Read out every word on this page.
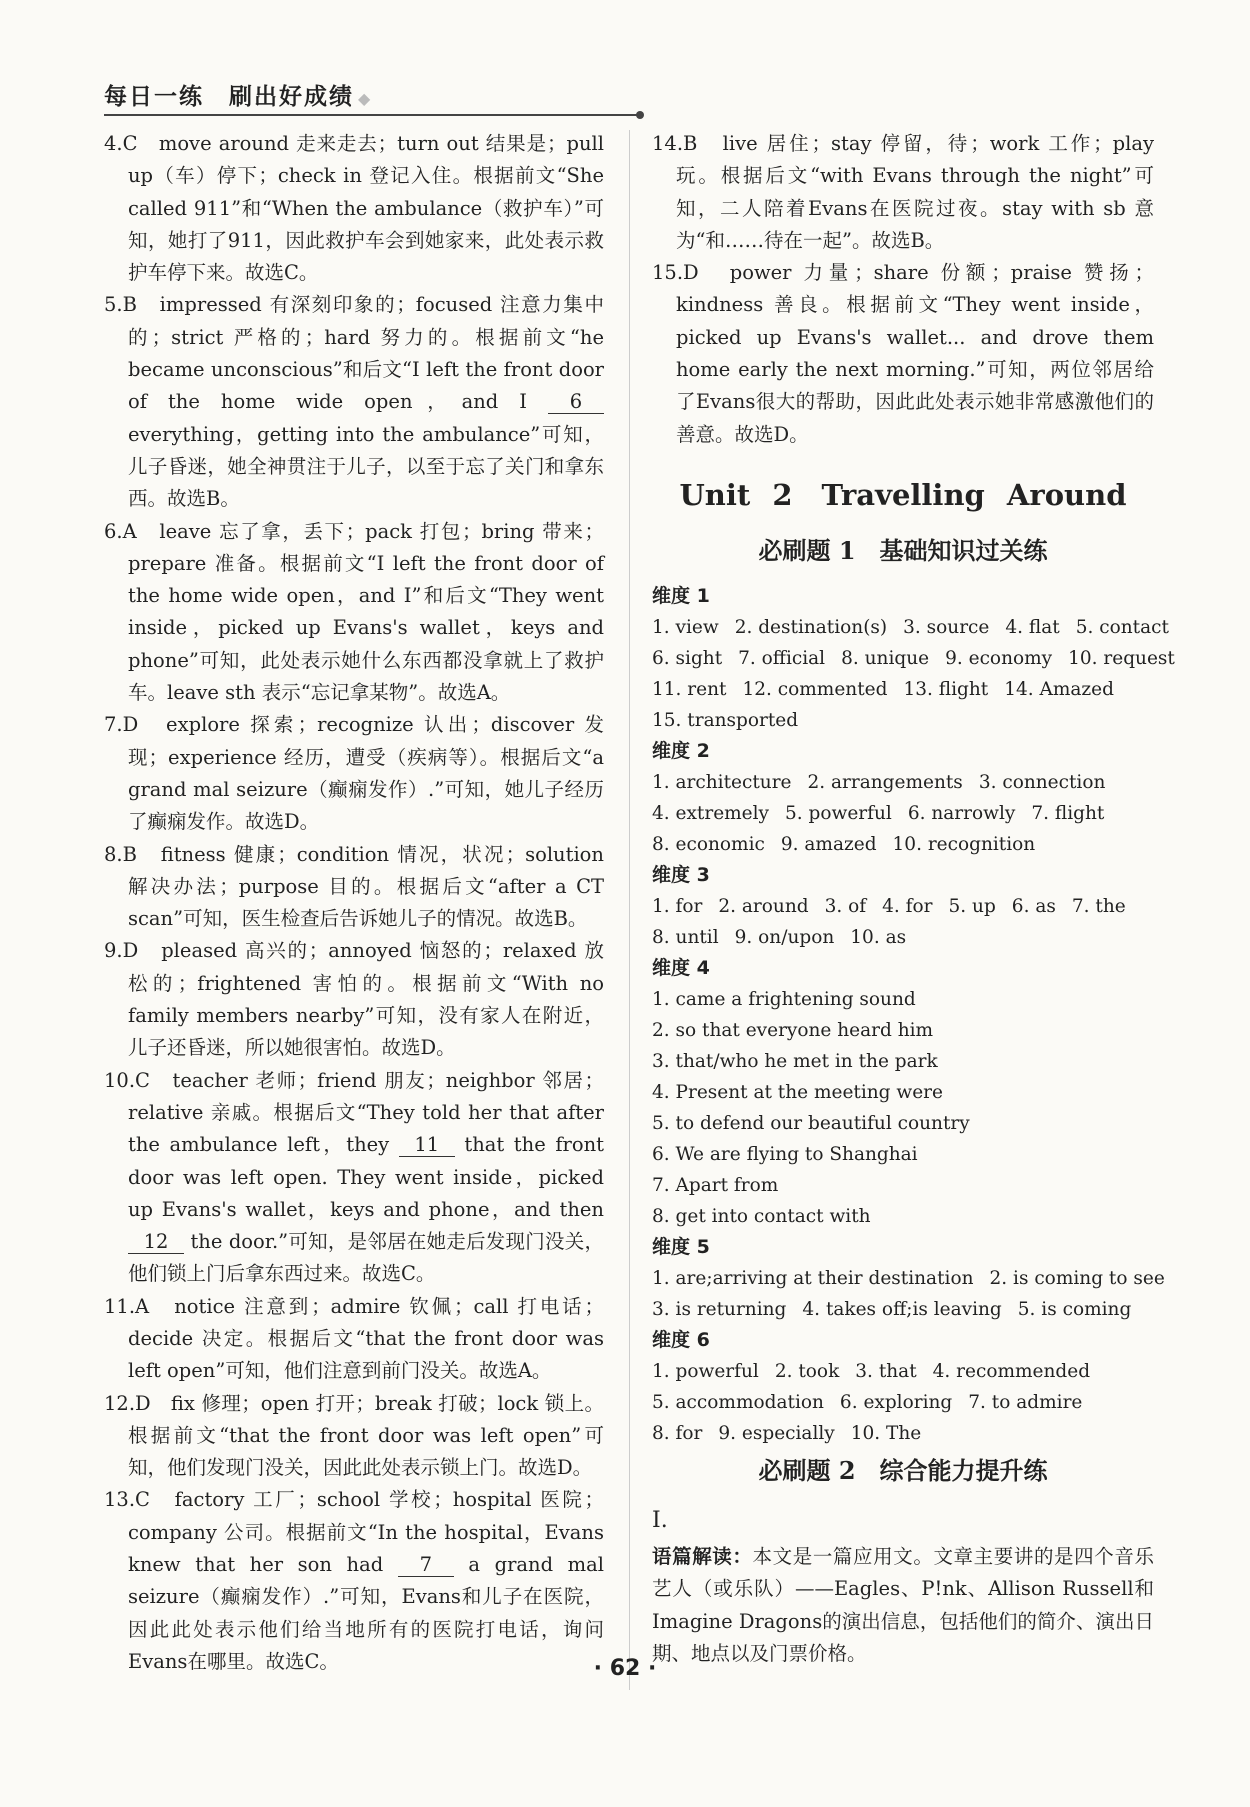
每日一练　刷出好成绩 ◆
4.C　move around 走来走去；turn out 结果是；pull up（车）停下；check in 登记入住。根据前文“She called 911”和“When the ambulance（救护车）”可知，她打了911，因此救护车会到她家来，此处表示救护车停下来。故选C。
5.B　impressed 有深刻印象的；focused 注意力集中的；strict 严格的；hard 努力的。根据前文“he became unconscious”和后文“I left the front door of the home wide open，and I 6 everything，getting into the ambulance”可知，儿子昏迷，她全神贯注于儿子，以至于忘了关门和拿东西。故选B。
6.A　leave 忘了拿，丢下；pack 打包；bring 带来；prepare 准备。根据前文“I left the front door of the home wide open，and I”和后文“They went inside，picked up Evans's wallet，keys and phone”可知，此处表示她什么东西都没拿就上了救护车。leave sth 表示“忘记拿某物”。故选A。
7.D　explore 探索；recognize 认出；discover 发现；experience 经历，遭受（疾病等）。根据后文“a grand mal seizure（癫痫发作）.”可知，她儿子经历了癫痫发作。故选D。
8.B　fitness 健康；condition 情况，状况；solution 解决办法；purpose 目的。根据后文“after a CT scan”可知，医生检查后告诉她儿子的情况。故选B。
9.D　pleased 高兴的；annoyed 恼怒的；relaxed 放松的；frightened 害怕的。根据前文“With no family members nearby”可知，没有家人在附近，儿子还昏迷，所以她很害怕。故选D。
10.C　teacher 老师；friend 朋友；neighbor 邻居；relative 亲戚。根据后文“They told her that after the ambulance left，they 11 that the front door was left open. They went inside，picked up Evans's wallet，keys and phone，and then 12 the door.”可知，是邻居在她走后发现门没关，他们锁上门后拿东西过来。故选C。
11.A　notice 注意到；admire 钦佩；call 打电话；decide 决定。根据后文“that the front door was left open”可知，他们注意到前门没关。故选A。
12.D　fix 修理；open 打开；break 打破；lock 锁上。根据前文“that the front door was left open”可知，他们发现门没关，因此此处表示锁上门。故选D。
13.C　factory 工厂；school 学校；hospital 医院；company 公司。根据前文“In the hospital，Evans knew that her son had 7 a grand mal seizure（癫痫发作）.”可知，Evans和儿子在医院，因此此处表示他们给当地所有的医院打电话，询问Evans在哪里。故选C。
14.B　live 居住；stay 停留，待；work 工作；play 玩。根据后文“with Evans through the night”可知，二人陪着Evans在医院过夜。stay with sb 意为“和……待在一起”。故选B。
15.D　power 力量；share 份额；praise 赞扬；kindness 善良。根据前文“They went inside，picked up Evans's wallet... and drove them home early the next morning.”可知，两位邻居给了Evans很大的帮助，因此此处表示她非常感激他们的善意。故选D。
Unit 2　Travelling Around
必刷题 1　基础知识过关练
维度 1
1. view 2. destination(s) 3. source 4. flat 5. contact
6. sight 7. official 8. unique 9. economy 10. request
11. rent 12. commented 13. flight 14. Amazed
15. transported
维度 2
1. architecture 2. arrangements 3. connection
4. extremely 5. powerful 6. narrowly 7. flight
8. economic 9. amazed 10. recognition
维度 3
1. for 2. around 3. of 4. for 5. up 6. as 7. the
8. until 9. on/upon 10. as
维度 4
1. came a frightening sound
2. so that everyone heard him
3. that/who he met in the park
4. Present at the meeting were
5. to defend our beautiful country
6. We are flying to Shanghai
7. Apart from
8. get into contact with
维度 5
1. are;arriving at their destination 2. is coming to see
3. is returning 4. takes off;is leaving 5. is coming
维度 6
1. powerful 2. took 3. that 4. recommended
5. accommodation 6. exploring 7. to admire
8. for 9. especially 10. The
必刷题 2　综合能力提升练
Ⅰ.
语篇解读：本文是一篇应用文。文章主要讲的是四个音乐艺人（或乐队）——Eagles、P!nk、Allison Russell和Imagine Dragons的演出信息，包括他们的简介、演出日期、地点以及门票价格。
· 62 ·
